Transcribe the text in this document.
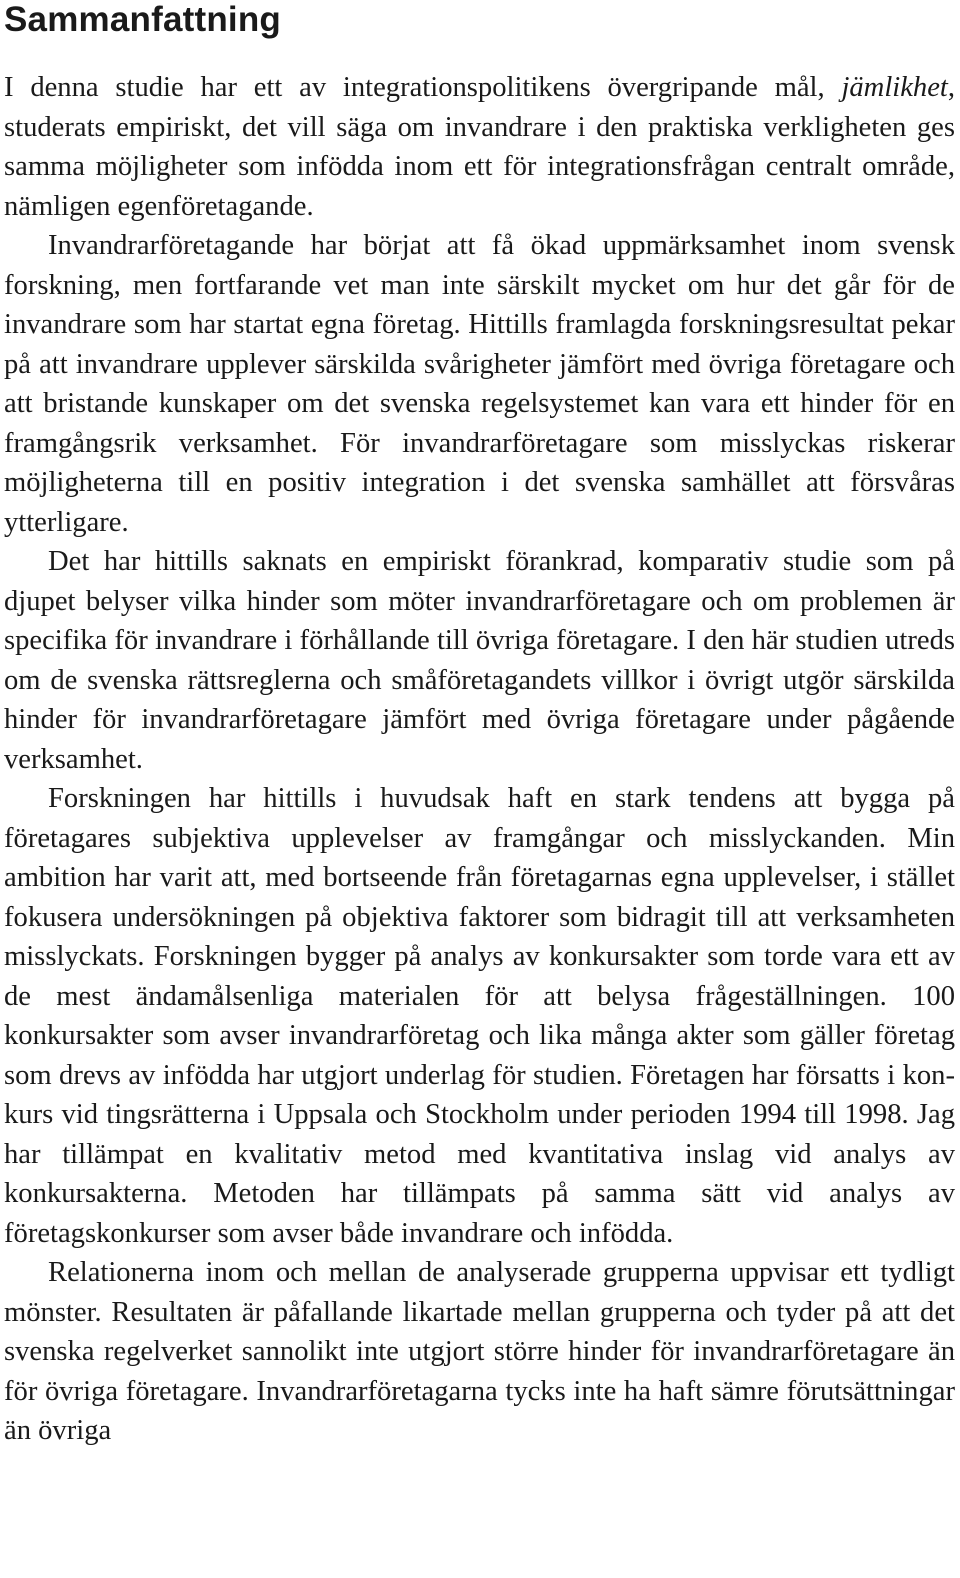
Sammanfattning

I denna studie har ett av integrationspolitikens övergripande mål, jämlikhet, studerats empiriskt, det vill säga om invandrare i den praktiska verkligheten ges samma möjligheter som infödda inom ett för integrationsfrågan centralt område, nämligen egenföretagande.

Invandrarföretagande har börjat att få ökad uppmärksamhet inom svensk forskning, men fortfarande vet man inte särskilt mycket om hur det går för de invandrare som har startat egna företag. Hittills framlagda forskningsresultat pekar på att invandrare upplever särskilda svårigheter jämfört med övriga företagare och att bristande kunskaper om det svenska regelsystemet kan vara ett hinder för en framgångsrik verksamhet. För invandrarföretagare som misslyckas riskerar möjligheterna till en positiv integration i det svenska samhället att försvåras ytterligare.

Det har hittills saknats en empiriskt förankrad, komparativ studie som på djupet belyser vilka hinder som möter invandrarföretagare och om problemen är specifika för invandrare i förhållande till övriga företagare. I den här studien utreds om de svenska rättsreglerna och småföretagandets villkor i övrigt utgör särskilda hinder för invandrarföretagare jämfört med övriga företagare under pågående verksamhet.

Forskningen har hittills i huvudsak haft en stark tendens att bygga på företagares subjektiva upplevelser av framgångar och misslyckanden. Min ambition har varit att, med bortseende från företagarnas egna upplevelser, i stället fokusera undersökningen på objektiva faktorer som bidragit till att verksamheten misslyckats. Forskningen bygger på analys av konkursakter som torde vara ett av de mest ändamålsenliga materialen för att belysa frågeställningen. 100 konkursakter som avser invandrarföretag och lika många akter som gäller företag som drevs av infödda har utgjort underlag för studien. Företagen har försatts i konkurs vid tingsrätterna i Uppsala och Stockholm under perioden 1994 till 1998. Jag har tillämpat en kvalitativ metod med kvantitativa inslag vid analys av konkursakterna. Metoden har tillämpats på samma sätt vid analys av företagskonkurser som avser både invandrare och infödda.

Relationerna inom och mellan de analyserade grupperna uppvisar ett tydligt mönster. Resultaten är påfallande likartade mellan grupperna och tyder på att det svenska regelverket sannolikt inte utgjort större hinder för invandrarföretagare än för övriga företagare. Invandrarföretagarna tycks inte ha haft sämre förutsättningar än övriga
